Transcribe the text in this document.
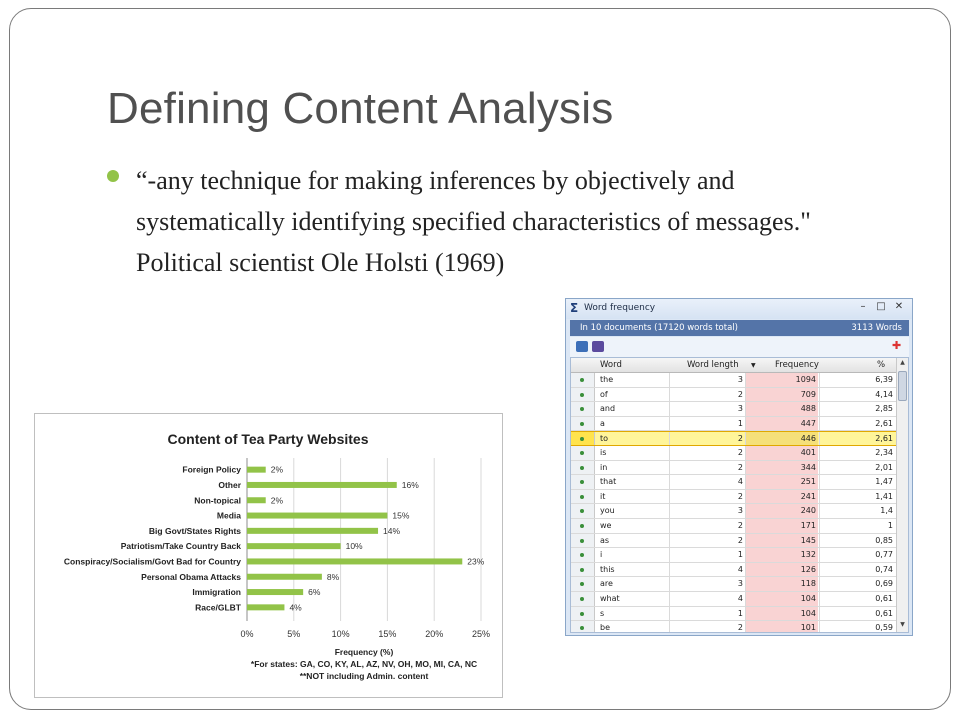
Defining Content Analysis
“-any technique for making inferences by objectively and systematically identifying specified characteristics of messages." Political scientist Ole Holsti (1969)
Content of Tea Party Websites
0%	5%	10%	15%	20%	25%
Foreign Policy	2%
Other	16%
Non-topical	2%
Media	15%
Big Govt/States Rights	14%
Patriotism/Take Country Back	10%
Conspiracy/Socialism/Govt Bad for Country	23%
Personal Obama Attacks	8%
Immigration	6%
Race/GLBT	4%
Frequency (%)
*For states: GA, CO, KY, AL, AZ, NV, OH, MO, MI, CA, NC
**NOT including Admin. content
Σ Word frequency	–	□ ✕
In 10 documents (17120 words total)	3113 Words
✚
Word	Word length ▼ Frequency	%
the	3	1094	6,39
of	2	709	4,14
and	3	488	2,85
a	1	447	2,61
to	2	446	2,61
is	2	401	2,34
in	2	344	2,01
that	4	251	1,47
it	2	241	1,41
you	3	240	1,4
we	2	171	1
as	2	145	0,85
i	1	132	0,77
this	4	126	0,74
are	3	118	0,69
what	4	104	0,61
s	1	104	0,61
be	2	101	0,59
▲
▼
